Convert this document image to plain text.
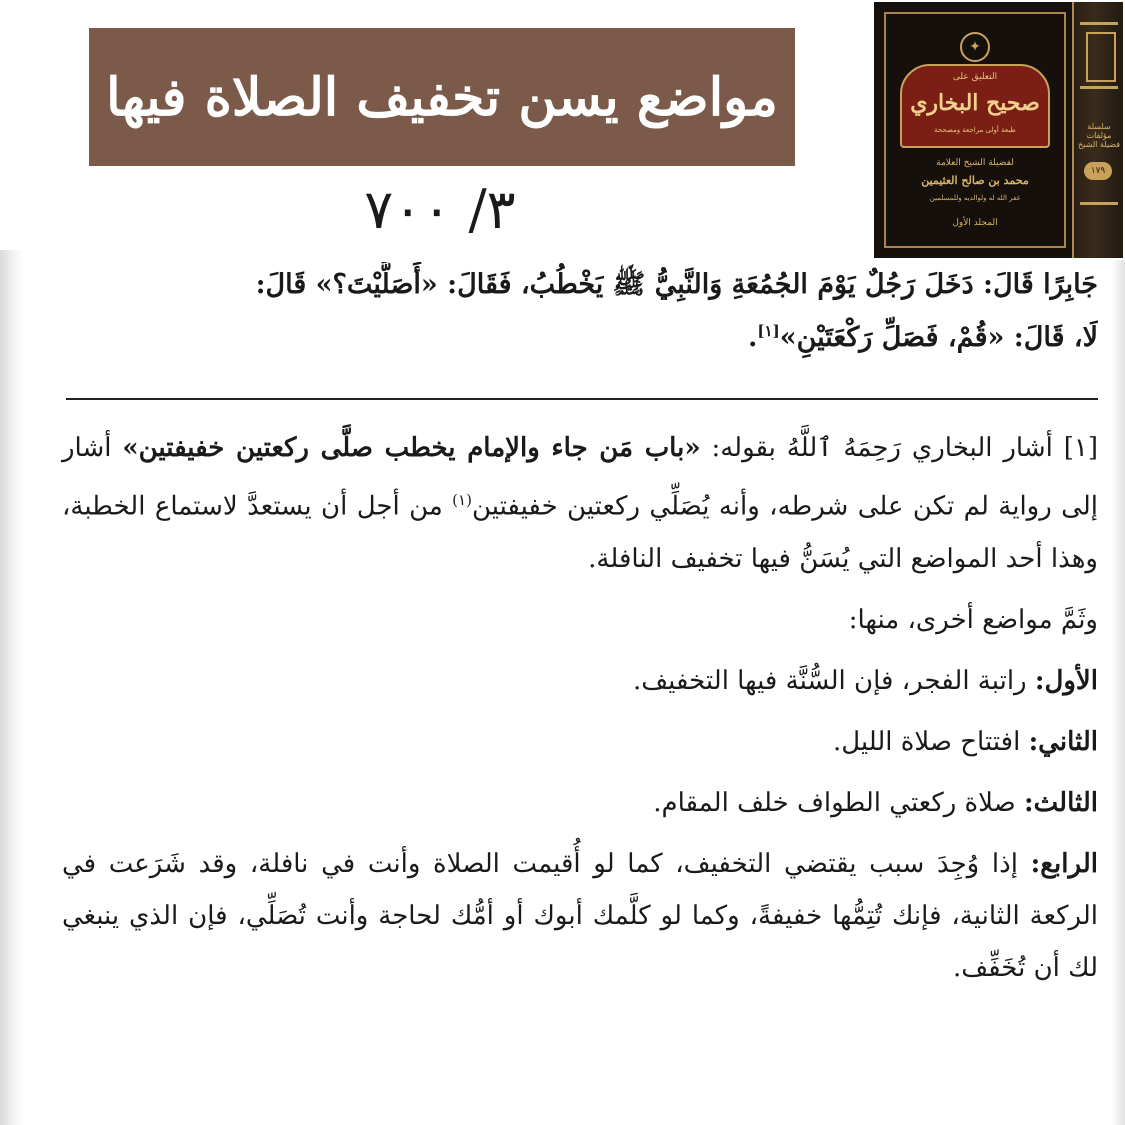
مواضع يسن تخفيف الصلاة فيها
٣/ ٧٠٠
✦
التعليق على
صحيح البخاري
طبعة أولى مراجعة ومصححة
لفضيلة الشيخ العلامة
محمد بن صالح العثيمين
غفر الله له ولوالديه وللمسلمين
المجلد الأول
سلسلة مؤلفات فضيلة الشيخ
١٧٩

جَابِرًا قَالَ: دَخَلَ رَجُلٌ يَوْمَ الجُمُعَةِ وَالنَّبِيُّ ﷺ يَخْطُبُ، فَقَالَ: «أَصَلَّيْتَ؟» قَالَ:

لَا، قَالَ: «قُمْ، فَصَلِّ رَكْعَتَيْنِ»[١].

[١] أشار البخاري رَحِمَهُ ٱللَّهُ بقوله: «باب مَن جاء والإمام يخطب صلَّى ركعتين خفيفتين» أشار إلى رواية لم تكن على شرطه، وأنه يُصَلِّي ركعتين خفيفتين$^{(١)}$ من أجل أن يستعدَّ لاستماع الخطبة، وهذا أحد المواضع التي يُسَنُّ فيها تخفيف النافلة.

وثَمَّ مواضع أخرى، منها:

الأول: راتبة الفجر، فإن السُّنَّة فيها التخفيف.

الثاني: افتتاح صلاة الليل.

الثالث: صلاة ركعتي الطواف خلف المقام.

الرابع: إذا وُجِدَ سبب يقتضي التخفيف، كما لو أُقيمت الصلاة وأنت في نافلة، وقد شَرَعت في الركعة الثانية، فإنك تُتِمُّها خفيفةً، وكما لو كلَّمك أبوك أو أمُّك لحاجة وأنت تُصَلِّي، فإن الذي ينبغي لك أن تُخَفِّف.
